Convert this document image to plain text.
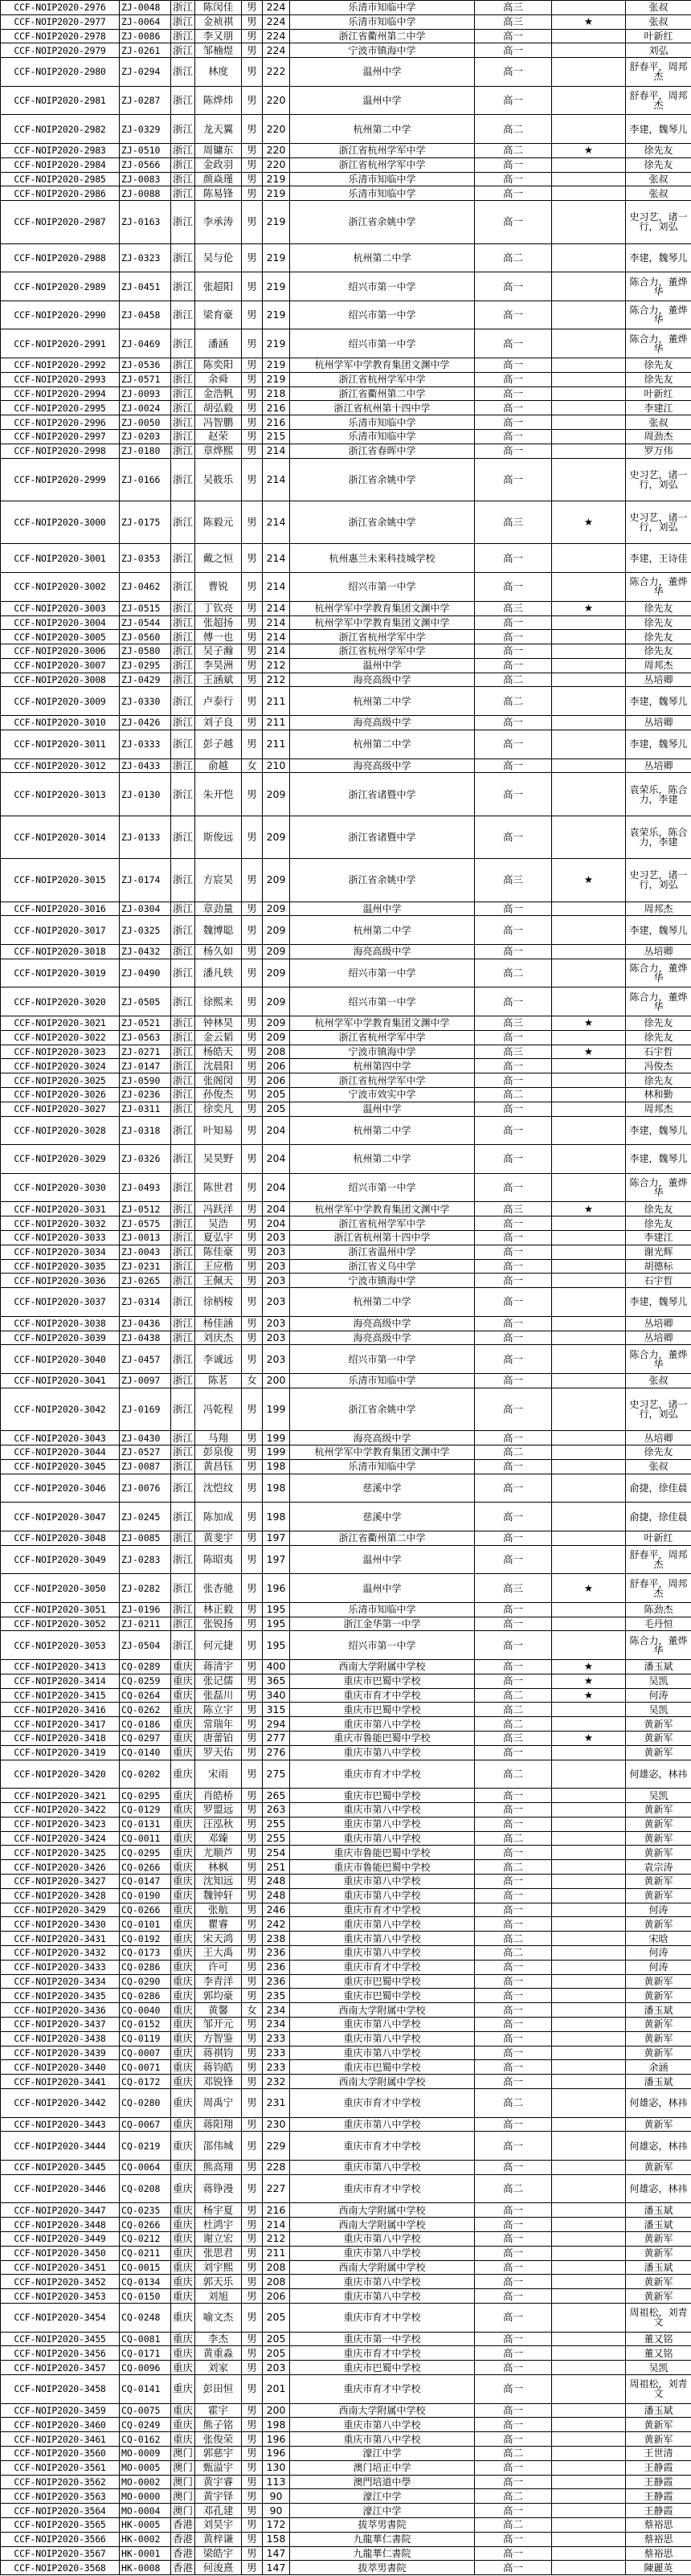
CCF-NOIP2020-2976	ZJ-0048	浙江	陈闵佳	男	224	乐清市知临中学	高三		张叔
CCF-NOIP2020-2977	ZJ-0064	浙江	金祯祺	男	224	乐清市知临中学	高三	★	张叔
CCF-NOIP2020-2978	ZJ-0086	浙江	李又朋	男	224	浙江省衢州第二中学	高一		叶新红
CCF-NOIP2020-2979	ZJ-0261	浙江	邹楠煜	男	224	宁波市镇海中学	高一		刘弘
CCF-NOIP2020-2980	ZJ-0294	浙江	林度	男	222	温州中学	高一		舒春平，周邦杰
CCF-NOIP2020-2981	ZJ-0287	浙江	陈烨炜	男	220	温州中学	高一		舒春平，周邦杰
CCF-NOIP2020-2982	ZJ-0329	浙江	龙天翼	男	220	杭州第二中学	高二		李建，魏琴儿
CCF-NOIP2020-2983	ZJ-0510	浙江	周镛东	男	220	浙江省杭州学军中学	高二	★	徐先友
CCF-NOIP2020-2984	ZJ-0566	浙江	金政羽	男	220	浙江省杭州学军中学	高一		徐先友
CCF-NOIP2020-2985	ZJ-0083	浙江	颜焱瑾	男	219	乐清市知临中学	高一		张叔
CCF-NOIP2020-2986	ZJ-0088	浙江	陈易锋	男	219	乐清市知临中学	高一		张叔
CCF-NOIP2020-2987	ZJ-0163	浙江	李承涛	男	219	浙江省余姚中学	高一		史习艺，诸一行，刘弘
CCF-NOIP2020-2988	ZJ-0323	浙江	吴与伦	男	219	杭州第二中学	高二		李建，魏琴儿
CCF-NOIP2020-2989	ZJ-0451	浙江	张超阳	男	219	绍兴市第一中学	高一		陈合力，董烨华
CCF-NOIP2020-2990	ZJ-0458	浙江	梁育豪	男	219	绍兴市第一中学	高一		陈合力，董烨华
CCF-NOIP2020-2991	ZJ-0469	浙江	潘涵	男	219	绍兴市第一中学	高一		陈合力，董烨华
CCF-NOIP2020-2992	ZJ-0536	浙江	陈奕阳	男	219	杭州学军中学教育集团文渊中学	高一		徐先友
CCF-NOIP2020-2993	ZJ-0571	浙江	余舜	男	219	浙江省杭州学军中学	高一		徐先友
CCF-NOIP2020-2994	ZJ-0093	浙江	金浩帆	男	218	浙江省衢州第二中学	高一		叶新红
CCF-NOIP2020-2995	ZJ-0024	浙江	胡弘毅	男	216	浙江省杭州第十四中学	高一		李建江
CCF-NOIP2020-2996	ZJ-0050	浙江	冯智鹏	男	216	乐清市知临中学	高一		张叔
CCF-NOIP2020-2997	ZJ-0203	浙江	赵荣	男	215	乐清市知临中学	高一		周劲杰
CCF-NOIP2020-2998	ZJ-0180	浙江	章烨熙	男	214	浙江省春晖中学	高一		罗万伟
CCF-NOIP2020-2999	ZJ-0166	浙江	吴筱乐	男	214	浙江省余姚中学	高一		史习艺，诸一行，刘弘
CCF-NOIP2020-3000	ZJ-0175	浙江	陈毅元	男	214	浙江省余姚中学	高三	★	史习艺，诸一行，刘弘
CCF-NOIP2020-3001	ZJ-0353	浙江	戴之恒	男	214	杭州惠兰未来科技城学校	高一		李建，王诗佳
CCF-NOIP2020-3002	ZJ-0462	浙江	曹锐	男	214	绍兴市第一中学	高一		陈合力，董烨华
CCF-NOIP2020-3003	ZJ-0515	浙江	丁钦亮	男	214	杭州学军中学教育集团文渊中学	高三	★	徐先友
CCF-NOIP2020-3004	ZJ-0544	浙江	张超扬	男	214	杭州学军中学教育集团文渊中学	高一		徐先友
CCF-NOIP2020-3005	ZJ-0560	浙江	傅一也	男	214	浙江省杭州学军中学	高一		徐先友
CCF-NOIP2020-3006	ZJ-0580	浙江	吴子瀚	男	214	浙江省杭州学军中学	高一		徐先友
CCF-NOIP2020-3007	ZJ-0295	浙江	李昊洲	男	212	温州中学	高一		周邦杰
CCF-NOIP2020-3008	ZJ-0429	浙江	王涵斌	男	212	海亮高级中学	高二		丛培卿
CCF-NOIP2020-3009	ZJ-0330	浙江	卢泰行	男	211	杭州第二中学	高二		李建，魏琴儿
CCF-NOIP2020-3010	ZJ-0426	浙江	刘子良	男	211	海亮高级中学	高一		丛培卿
CCF-NOIP2020-3011	ZJ-0333	浙江	彭子越	男	211	杭州第二中学	高一		李建，魏琴儿
CCF-NOIP2020-3012	ZJ-0433	浙江	俞越	女	210	海亮高级中学	高一		丛培卿
CCF-NOIP2020-3013	ZJ-0130	浙江	朱开恺	男	209	浙江省诸暨中学	高一		袁荣乐，陈合力，李建
CCF-NOIP2020-3014	ZJ-0133	浙江	斯俊远	男	209	浙江省诸暨中学	高一		袁荣乐，陈合力，李建
CCF-NOIP2020-3015	ZJ-0174	浙江	方宸昊	男	209	浙江省余姚中学	高三	★	史习艺，诸一行，刘弘
CCF-NOIP2020-3016	ZJ-0304	浙江	章劲量	男	209	温州中学	高一		周邦杰
CCF-NOIP2020-3017	ZJ-0325	浙江	魏博聪	男	209	杭州第二中学	高一		李建，魏琴儿
CCF-NOIP2020-3018	ZJ-0432	浙江	杨久如	男	209	海亮高级中学	高一		丛培卿
CCF-NOIP2020-3019	ZJ-0490	浙江	潘凡轶	男	209	绍兴市第一中学	高二		陈合力，董烨华
CCF-NOIP2020-3020	ZJ-0505	浙江	徐熙来	男	209	绍兴市第一中学	高一		陈合力，董烨华
CCF-NOIP2020-3021	ZJ-0521	浙江	钟林昊	男	209	杭州学军中学教育集团文渊中学	高三	★	徐先友
CCF-NOIP2020-3022	ZJ-0563	浙江	金云韬	男	209	浙江省杭州学军中学	高一		徐先友
CCF-NOIP2020-3023	ZJ-0271	浙江	杨皓天	男	208	宁波市镇海中学	高三	★	石宇哲
CCF-NOIP2020-3024	ZJ-0147	浙江	沈晨阳	男	206	杭州第四中学	高一		冯俊杰
CCF-NOIP2020-3025	ZJ-0590	浙江	张阁闵	男	206	浙江省杭州学军中学	高一		徐先友
CCF-NOIP2020-3026	ZJ-0236	浙江	孙俊杰	男	205	宁波市效实中学	高二		林和勤
CCF-NOIP2020-3027	ZJ-0311	浙江	徐奕凡	男	205	温州中学	高一		周邦杰
CCF-NOIP2020-3028	ZJ-0318	浙江	叶知易	男	204	杭州第二中学	高一		李建，魏琴儿
CCF-NOIP2020-3029	ZJ-0326	浙江	吴昊野	男	204	杭州第二中学	高一		李建，魏琴儿
CCF-NOIP2020-3030	ZJ-0493	浙江	陈世君	男	204	绍兴市第一中学	高一		陈合力，董烨华
CCF-NOIP2020-3031	ZJ-0512	浙江	冯跃洋	男	204	杭州学军中学教育集团文渊中学	高三	★	徐先友
CCF-NOIP2020-3032	ZJ-0575	浙江	吴浩	男	204	浙江省杭州学军中学	高一		徐先友
CCF-NOIP2020-3033	ZJ-0013	浙江	夏弘宇	男	203	浙江省杭州第十四中学	高一		李建江
CCF-NOIP2020-3034	ZJ-0043	浙江	陈佳豪	男	203	浙江省温州中学	高一		谢光辉
CCF-NOIP2020-3035	ZJ-0231	浙江	王应楷	男	203	浙江省义乌中学	高一		胡德标
CCF-NOIP2020-3036	ZJ-0265	浙江	王佩天	男	203	宁波市镇海中学	高一		石宇哲
CCF-NOIP2020-3037	ZJ-0314	浙江	徐柄桉	男	203	杭州第二中学	高一		李建，魏琴儿
CCF-NOIP2020-3038	ZJ-0436	浙江	杨佳涵	男	203	海亮高级中学	高一		丛培卿
CCF-NOIP2020-3039	ZJ-0438	浙江	刘庆杰	男	203	海亮高级中学	高一		丛培卿
CCF-NOIP2020-3040	ZJ-0457	浙江	李诚远	男	203	绍兴市第一中学	高一		陈合力，董烨华
CCF-NOIP2020-3041	ZJ-0097	浙江	陈茗	女	200	乐清市知临中学	高一		张叔
CCF-NOIP2020-3042	ZJ-0169	浙江	冯乾程	男	199	浙江省余姚中学	高一		史习艺，诸一行，刘弘
CCF-NOIP2020-3043	ZJ-0430	浙江	马翔	男	199	海亮高级中学	高一		丛培卿
CCF-NOIP2020-3044	ZJ-0527	浙江	彭泉俊	男	199	杭州学军中学教育集团文渊中学	高二		徐先友
CCF-NOIP2020-3045	ZJ-0087	浙江	黄昌钰	男	198	乐清市知临中学	高一		张叔
CCF-NOIP2020-3046	ZJ-0076	浙江	沈恺纹	男	198	慈溪中学	高一		俞捷，徐佳晨
CCF-NOIP2020-3047	ZJ-0245	浙江	陈加成	男	198	慈溪中学	高一		俞捷，徐佳晨
CCF-NOIP2020-3048	ZJ-0085	浙江	黄斐宇	男	197	浙江省衢州第二中学	高一		叶新红
CCF-NOIP2020-3049	ZJ-0283	浙江	陈昭夷	男	197	温州中学	高一		舒春平，周邦杰
CCF-NOIP2020-3050	ZJ-0282	浙江	张杏驰	男	196	温州中学	高三	★	舒春平，周邦杰
CCF-NOIP2020-3051	ZJ-0196	浙江	林正毅	男	195	乐清市知临中学	高一		陈劲杰
CCF-NOIP2020-3052	ZJ-0211	浙江	张锐扬	男	195	浙江金华第一中学	高一		毛丹恒
CCF-NOIP2020-3053	ZJ-0504	浙江	何元捷	男	195	绍兴市第一中学	高一		陈合力，董烨华
CCF-NOIP2020-3413	CQ-0289	重庆	蒋清宇	男	400	西南大学附属中学校	高一	★	潘玉斌
CCF-NOIP2020-3414	CQ-0259	重庆	张记儒	男	365	重庆市巴蜀中学校	高一	★	吴凯
CCF-NOIP2020-3415	CQ-0264	重庆	张磊川	男	340	重庆市育才中学校	高二	★	何涛
CCF-NOIP2020-3416	CQ-0262	重庆	陈立宇	男	315	重庆市巴蜀中学校	高二		吴凯
CCF-NOIP2020-3417	CQ-0186	重庆	常瑞年	男	294	重庆市第八中学校	高二		黄新军
CCF-NOIP2020-3418	CQ-0297	重庆	唐蕾铂	男	277	重庆市鲁能巴蜀中学校	高三	★	黄新军
CCF-NOIP2020-3419	CQ-0140	重庆	罗天佑	男	276	重庆市第八中学校	高一		黄新军
CCF-NOIP2020-3420	CQ-0202	重庆	宋雨	男	275	重庆市育才中学校	高二		何雄宓，林祎
CCF-NOIP2020-3421	CQ-0295	重庆	肖皓桥	男	265	重庆市巴蜀中学校	高一		吴凯
CCF-NOIP2020-3422	CQ-0129	重庆	罗盟远	男	263	重庆市第八中学校	高一		黄新军
CCF-NOIP2020-3423	CQ-0131	重庆	汪泓秋	男	255	重庆市第八中学校	高一		黄新军
CCF-NOIP2020-3424	CQ-0011	重庆	邓臻	男	255	重庆市第八中学校	高二		黄新军
CCF-NOIP2020-3425	CQ-0295	重庆	尤顺芦	男	254	重庆市鲁能巴蜀中学校	高一		黄新军
CCF-NOIP2020-3426	CQ-0266	重庆	林枫	男	251	重庆市鲁能巴蜀中学校	高二		袁宗涛
CCF-NOIP2020-3427	CQ-0147	重庆	沈知远	男	248	重庆市第八中学校	高一		黄新军
CCF-NOIP2020-3428	CQ-0190	重庆	魏钟轩	男	248	重庆市第八中学校	高一		黄新军
CCF-NOIP2020-3429	CQ-0266	重庆	张航	男	246	重庆市育才中学校	高一		何涛
CCF-NOIP2020-3430	CQ-0101	重庆	瞿睿	男	242	重庆市第八中学校	高一		黄新军
CCF-NOIP2020-3431	CQ-0192	重庆	宋天鸿	男	238	重庆市第八中学校	高二		宋晗
CCF-NOIP2020-3432	CQ-0173	重庆	王大禹	男	236	重庆市第八中学校	高二		何涛
CCF-NOIP2020-3433	CQ-0286	重庆	许可	男	236	重庆市育才中学校	高一		何涛
CCF-NOIP2020-3434	CQ-0290	重庆	李青洋	男	236	重庆市巴蜀中学校	高一		黄新军
CCF-NOIP2020-3435	CQ-0286	重庆	郭均豪	男	235	重庆市巴蜀中学校	高一		黄新军
CCF-NOIP2020-3436	CQ-0040	重庆	黄馨	女	234	西南大学附属中学校	高一		潘玉斌
CCF-NOIP2020-3437	CQ-0152	重庆	邹开元	男	234	重庆市第八中学校	高一		黄新军
CCF-NOIP2020-3438	CQ-0119	重庆	方智鉴	男	233	重庆市第八中学校	高一		黄新军
CCF-NOIP2020-3439	CQ-0007	重庆	蒋祺钧	男	233	重庆市第八中学校	高一		黄新军
CCF-NOIP2020-3440	CQ-0071	重庆	蒋钧皓	男	233	重庆市巴蜀中学校	高一		余涵
CCF-NOIP2020-3441	CQ-0172	重庆	邓锐锋	男	232	西南大学附属中学校	高一		潘玉斌
CCF-NOIP2020-3442	CQ-0280	重庆	周禹宁	男	231	重庆市育才中学校	高二		何雄宓，林祎
CCF-NOIP2020-3443	CQ-0067	重庆	蒋阳翔	男	230	重庆市第八中学校	高一		黄新军
CCF-NOIP2020-3444	CQ-0219	重庆	邵伟城	男	229	重庆市育才中学校	高一		何雄宓，林祎
CCF-NOIP2020-3445	CQ-0064	重庆	熊高翔	男	228	重庆市第八中学校	高一		黄新军
CCF-NOIP2020-3446	CQ-0208	重庆	蒋铮漫	男	227	重庆市育才中学校	高二		何雄宓，林祎
CCF-NOIP2020-3447	CQ-0235	重庆	杨宇夏	男	216	西南大学附属中学校	高一		潘玉斌
CCF-NOIP2020-3448	CQ-0266	重庆	杜鸿宇	男	214	西南大学附属中学校	高一		潘玉斌
CCF-NOIP2020-3449	CQ-0212	重庆	谢立宏	男	212	重庆市第八中学校	高一		黄新军
CCF-NOIP2020-3450	CQ-0211	重庆	张思君	男	211	重庆市第八中学校	高一		黄新军
CCF-NOIP2020-3451	CQ-0015	重庆	刘宇熙	男	208	西南大学附属中学校	高一		潘玉斌
CCF-NOIP2020-3452	CQ-0134	重庆	郭天乐	男	208	重庆市第八中学校	高一		黄新军
CCF-NOIP2020-3453	CQ-0150	重庆	刘旭	男	206	重庆市第八中学校	高一		黄新军
CCF-NOIP2020-3454	CQ-0248	重庆	喻文杰	男	205	重庆市育才中学校	高一		周祖松，刘青文
CCF-NOIP2020-3455	CQ-0081	重庆	李杰	男	205	重庆市第一中学校	高一		董又铭
CCF-NOIP2020-3456	CQ-0171	重庆	黄重淼	男	205	重庆市育才中学校	高一		董又铭
CCF-NOIP2020-3457	CQ-0096	重庆	刘家	男	203	重庆市巴蜀中学校	高一		吴凯
CCF-NOIP2020-3458	CQ-0141	重庆	彭田恒	男	201	重庆市育才中学校	高一		周祖松，刘青文
CCF-NOIP2020-3459	CQ-0075	重庆	霍宇	男	200	西南大学附属中学校	高一		潘玉斌
CCF-NOIP2020-3460	CQ-0249	重庆	熊子铭	男	198	重庆市第八中学校	高一		黄新军
CCF-NOIP2020-3461	CQ-0162	重庆	张俊荣	男	196	重庆市第八中学校	高一		黄新军
CCF-NOIP2020-3560	MO-0009	澳门	郭慈宇	男	196	濠江中学	高二		王世清
CCF-NOIP2020-3561	MO-0005	澳门	甄溢宇	男	130	澳门培正中学	高一		王静霞
CCF-NOIP2020-3562	MO-0002	澳门	黄宇睿	男	113	澳門培道中學	高一		王静霞
CCF-NOIP2020-3563	MO-0000	澳门	黄宇铎	男	90	濠江中学	高二		王静霞
CCF-NOIP2020-3564	MO-0004	澳门	邓孔建	男	90	濠江中学	高一		王静霞
CCF-NOIP2020-3565	HK-0005	香港	刘昊宇	男	172	拔萃男書院	高二		蔡裕思
CCF-NOIP2020-3566	HK-0002	香港	黄梓谦	男	158	九龍華仁書院	高一		蔡裕思
CCF-NOIP2020-3567	HK-0001	香港	梁皓宇	男	147	九龍華仁書院	高一		蔡裕思
CCF-NOIP2020-3568	HK-0008	香港	何浚熹	男	147	拔萃男書院	高一		陳麗英
